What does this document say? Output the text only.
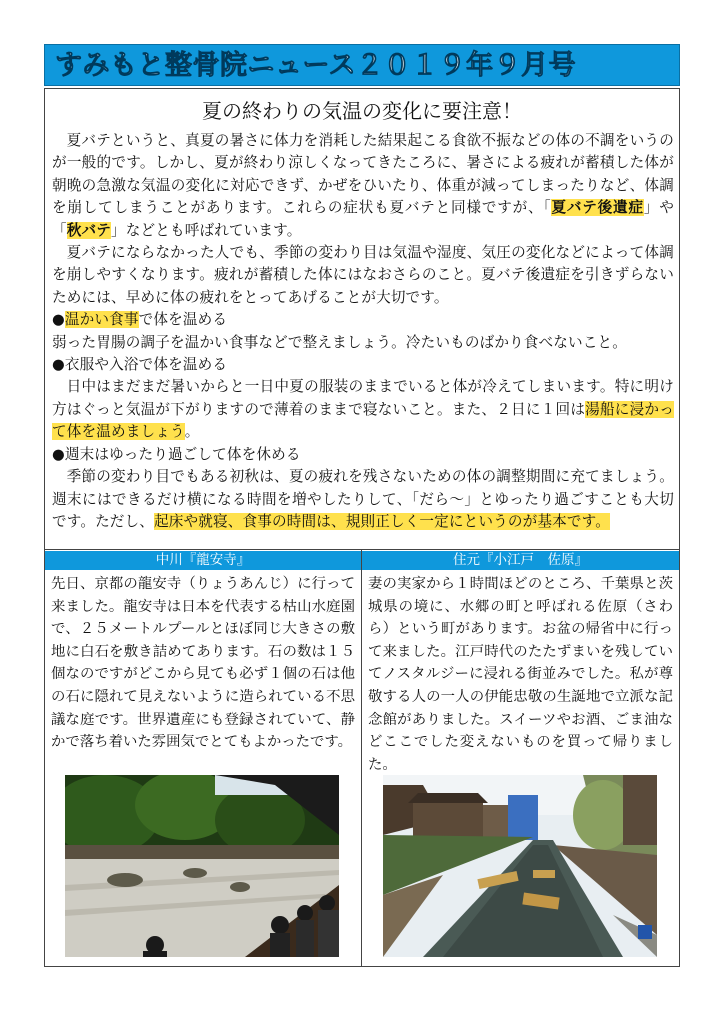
すみもと整骨院ニュース２０１９年９月号
夏の終わりの気温の変化に要注意！

夏バテというと、真夏の暑さに体力を消耗した結果起こる食欲不振などの体の不調をいうのが一般的です。しかし、夏が終わり涼しくなってきたころに、暑さによる疲れが蓄積した体が朝晩の急激な気温の変化に対応できず、かぜをひいたり、体重が減ってしまったりなど、体調を崩してしまうことがあります。これらの症状も夏バテと同様ですが、「夏バテ後遺症」や「秋バテ」などとも呼ばれています。

夏バテにならなかった人でも、季節の変わり目は気温や湿度、気圧の変化などによって体調を崩しやすくなります。疲れが蓄積した体にはなおさらのこと。夏バテ後遺症を引きずらないためには、早めに体の疲れをとってあげることが大切です。

●温かい食事で体を温める

弱った胃腸の調子を温かい食事などで整えましょう。冷たいものばかり食べないこと。

●衣服や入浴で体を温める

日中はまだまだ暑いからと一日中夏の服装のままでいると体が冷えてしまいます。特に明け方はぐっと気温が下がりますので薄着のままで寝ないこと。また、２日に１回は湯船に浸かって体を温めましょう。

●週末はゆったり過ごして体を休める

季節の変わり目でもある初秋は、夏の疲れを残さないための体の調整期間に充てましょう。週末にはできるだけ横になる時間を増やしたりして、「だら～」とゆったり過ごすことも大切です。ただし、起床や就寝、食事の時間は、規則正しく一定にというのが基本です。

中川『龍安寺』	住元『小江戸　佐原』

先日、京都の龍安寺（りょうあんじ）に行って来ました。龍安寺は日本を代表する枯山水庭園で、２５メートルプールとほぼ同じ大きさの敷地に白石を敷き詰めてあります。石の数は１５個なのですがどこから見ても必ず１個の石は他の石に隠れて見えないように造られている不思議な庭です。世界遺産にも登録されていて、静かで落ち着いた雰囲気でとてもよかったです。

妻の実家から１時間ほどのところ、千葉県と茨城県の境に、水郷の町と呼ばれる佐原（さわら）という町があります。お盆の帰省中に行って来ました。江戸時代のたたずまいを残していてノスタルジーに浸れる街並みでした。私が尊敬する人の一人の伊能忠敬の生誕地で立派な記念館がありました。スイーツやお酒、ごま油などここでした変えないものを買って帰りました。
